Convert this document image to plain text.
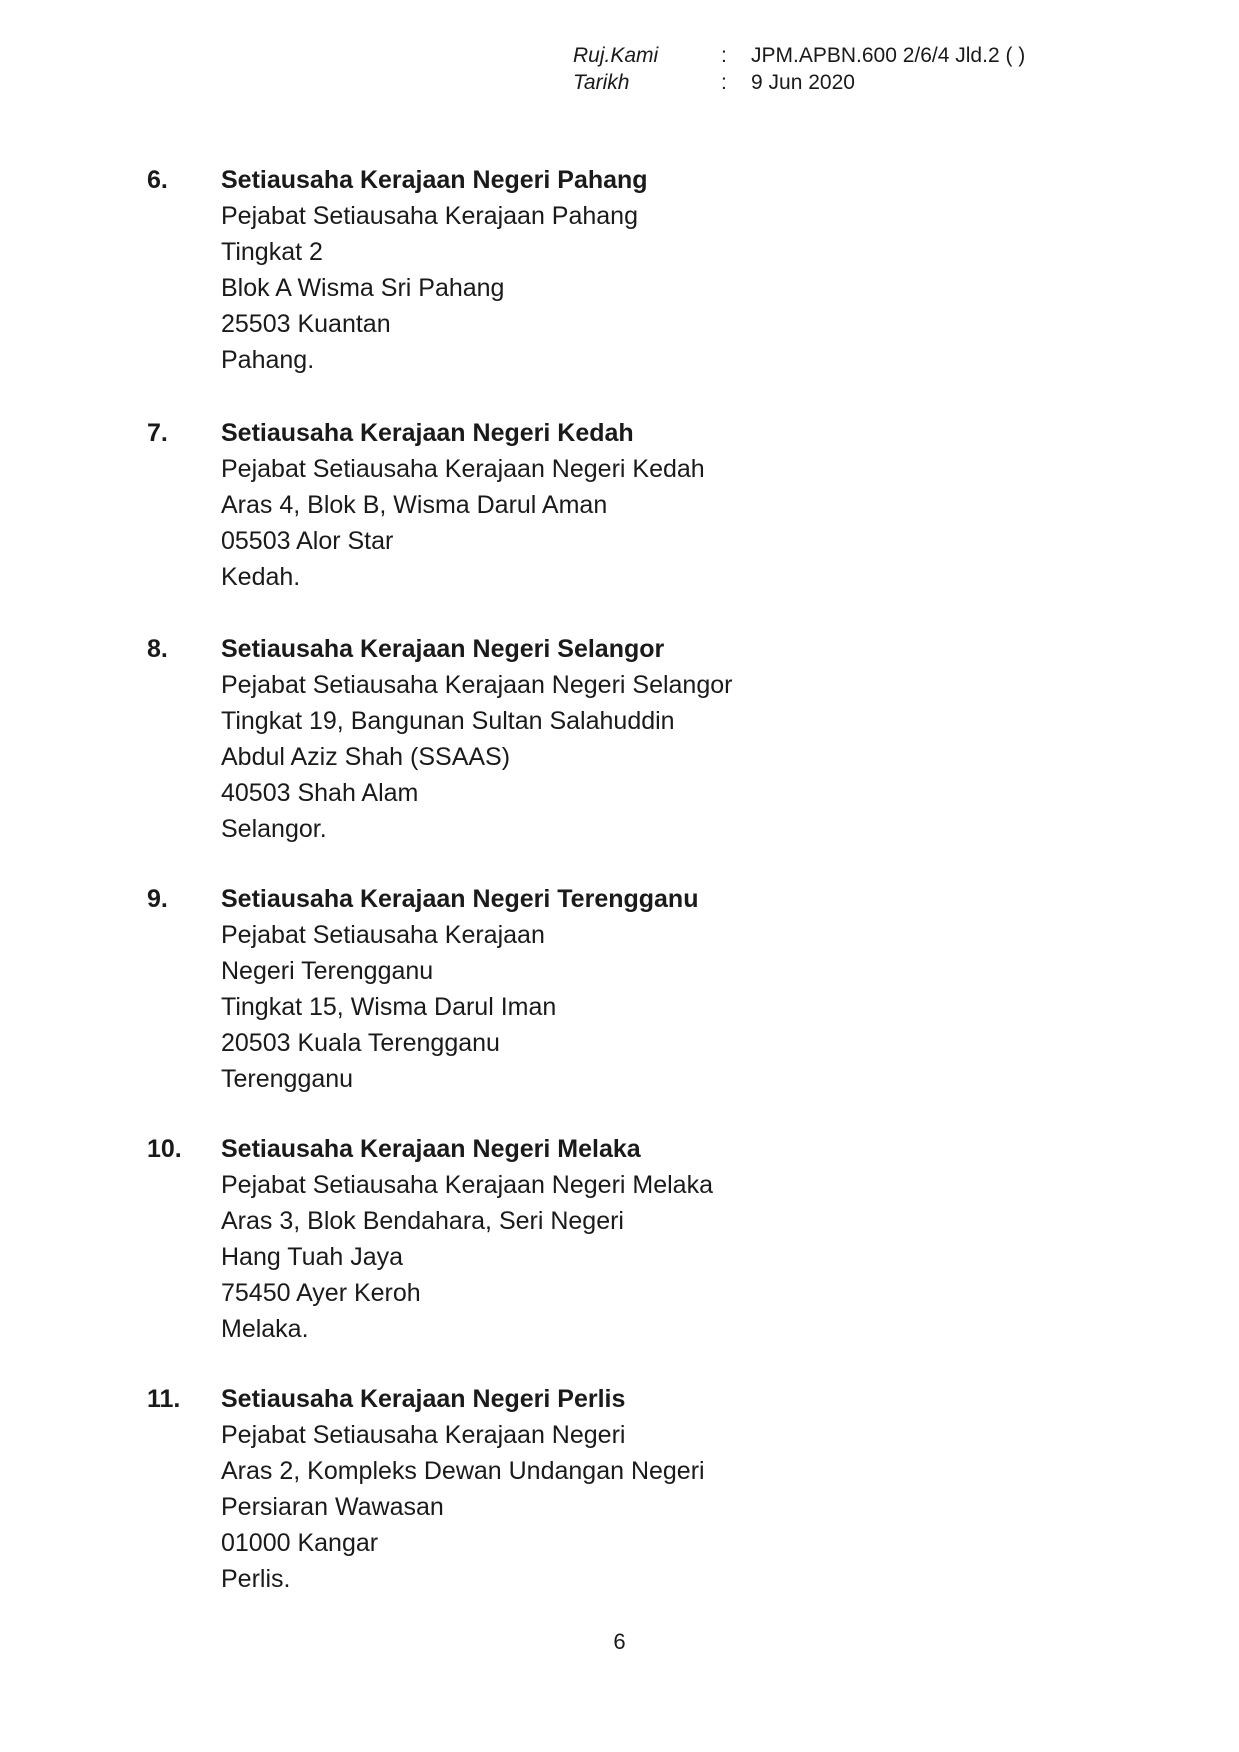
Ruj.Kami	:	JPM.APBN.600 2/6/4 Jld.2 ( )
Tarikh	:	9 Jun 2020
6. Setiausaha Kerajaan Negeri Pahang
Pejabat Setiausaha Kerajaan Pahang
Tingkat 2
Blok A Wisma Sri Pahang
25503 Kuantan
Pahang.
7. Setiausaha Kerajaan Negeri Kedah
Pejabat Setiausaha Kerajaan Negeri Kedah
Aras 4, Blok B, Wisma Darul Aman
05503 Alor Star
Kedah.
8. Setiausaha Kerajaan Negeri Selangor
Pejabat Setiausaha Kerajaan Negeri Selangor
Tingkat 19, Bangunan Sultan Salahuddin
Abdul Aziz Shah (SSAAS)
40503 Shah Alam
Selangor.
9. Setiausaha Kerajaan Negeri Terengganu
Pejabat Setiausaha Kerajaan
Negeri Terengganu
Tingkat 15, Wisma Darul Iman
20503 Kuala Terengganu
Terengganu
10. Setiausaha Kerajaan Negeri Melaka
Pejabat Setiausaha Kerajaan Negeri Melaka
Aras 3, Blok Bendahara, Seri Negeri
Hang Tuah Jaya
75450 Ayer Keroh
Melaka.
11. Setiausaha Kerajaan Negeri Perlis
Pejabat Setiausaha Kerajaan Negeri
Aras 2, Kompleks Dewan Undangan Negeri
Persiaran Wawasan
01000 Kangar
Perlis.
6
